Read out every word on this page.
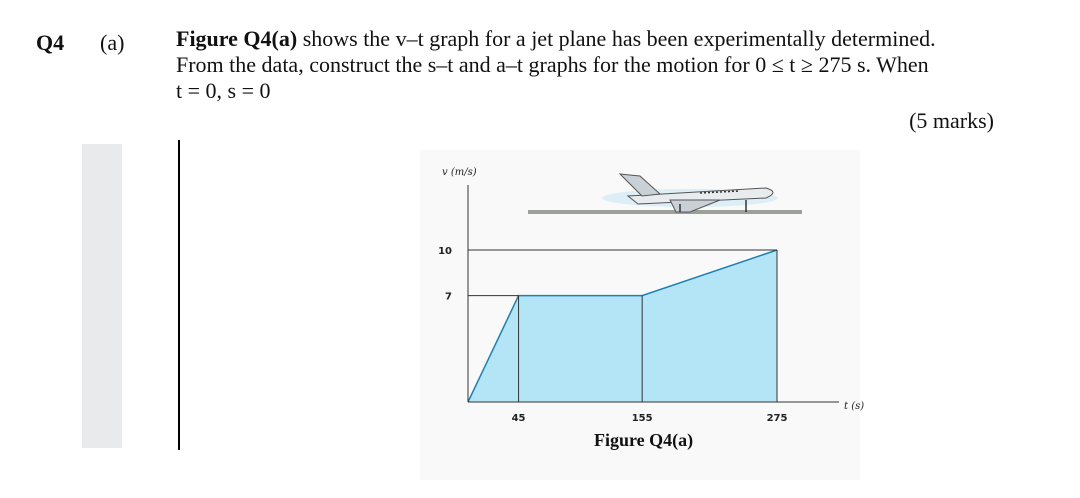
Q4 (a) Figure Q4(a) shows the v–t graph for a jet plane has been experimentally determined.
From the data, construct the s–t and a–t graphs for the motion for 0 ≤ t ≥ 275 s. When
t = 0, s = 0
(5 marks)
45	155	275
10
7
v (m/s)
t (s)
Figure Q4(a)
